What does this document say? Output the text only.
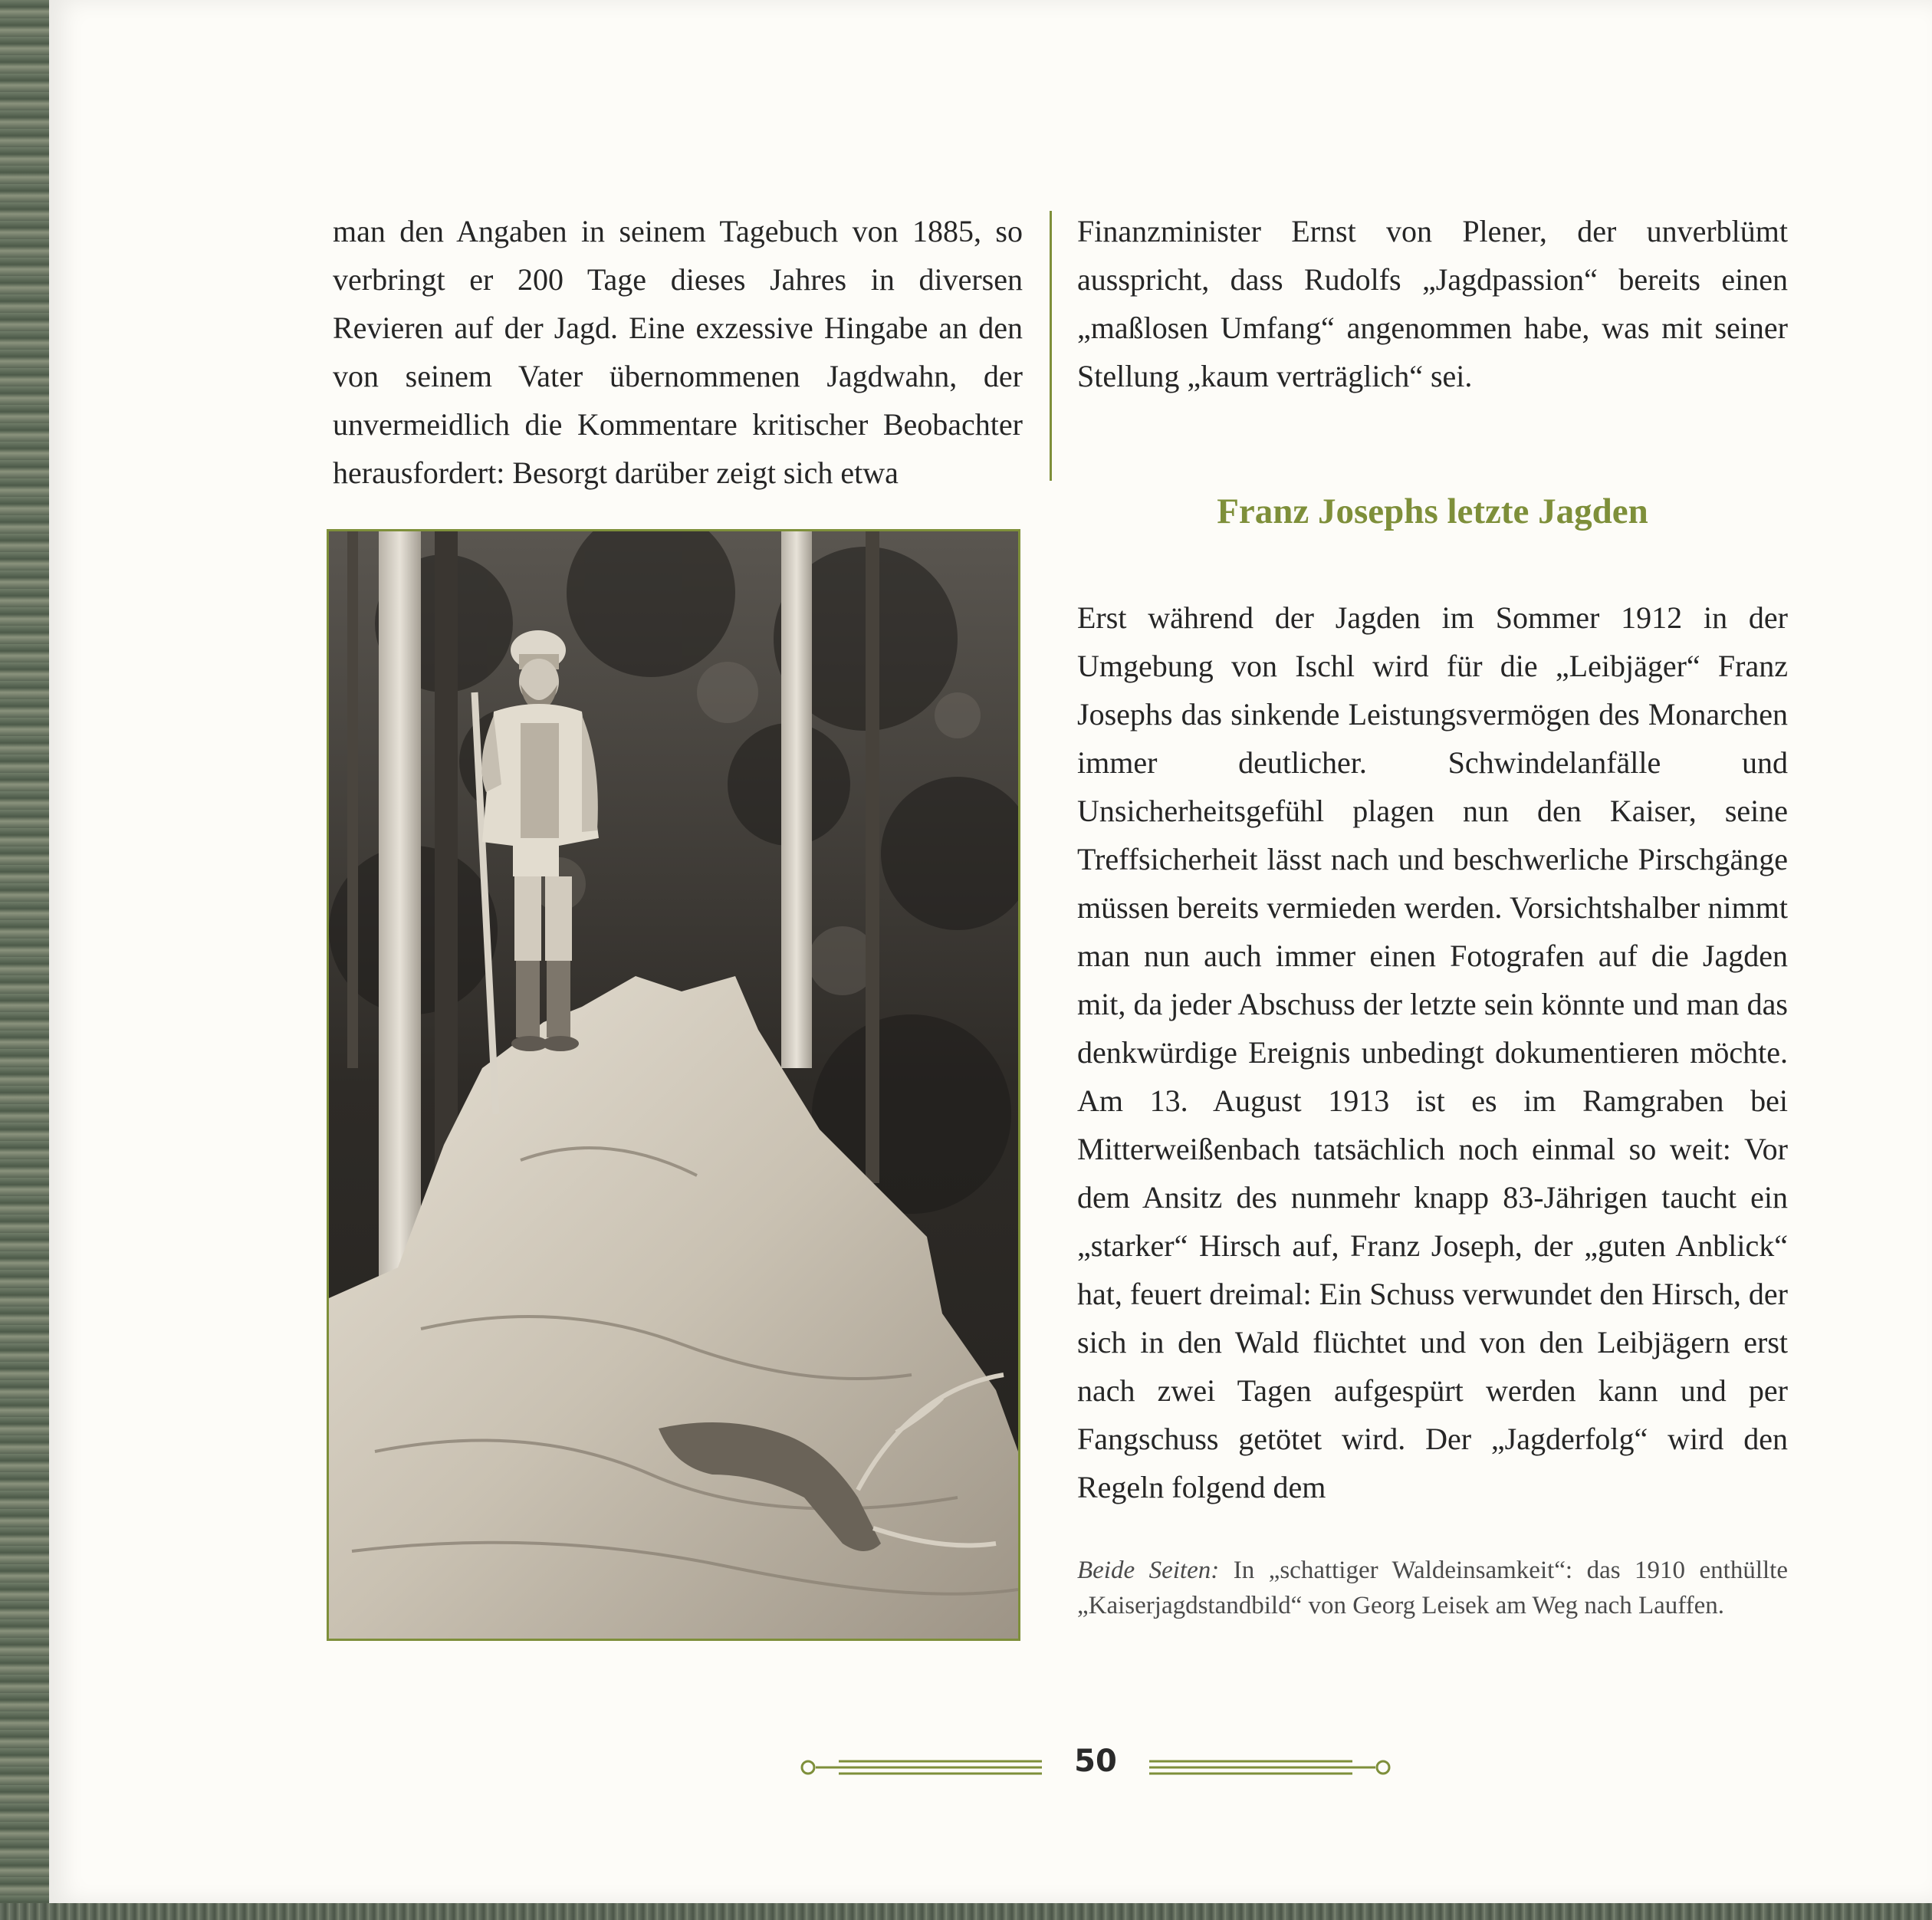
man den Angaben in seinem Tagebuch von 1885, so verbringt er 200 Tage dieses Jahres in diversen Revieren auf der Jagd. Eine exzessive Hingabe an den von seinem Vater übernommenen Jagdwahn, der unvermeidlich die Kommentare kritischer Beobachter herausfordert: Besorgt darüber zeigt sich etwa

Finanzminister Ernst von Plener, der unverblümt ausspricht, dass Rudolfs „Jagdpassion“ bereits einen „maßlosen Umfang“ angenommen habe, was mit seiner Stellung „kaum verträglich“ sei.

Franz Josephs letzte Jagden

Erst während der Jagden im Sommer 1912 in der Umgebung von Ischl wird für die „Leibjäger“ Franz Josephs das sinkende Leistungsvermögen des Monarchen immer deutlicher. Schwindelanfälle und Unsicherheitsgefühl plagen nun den Kaiser, seine Treffsicherheit lässt nach und beschwerliche Pirschgänge müssen bereits vermieden werden. Vorsichtshalber nimmt man nun auch immer einen Fotografen auf die Jagden mit, da jeder Abschuss der letzte sein könnte und man das denkwürdige Ereignis unbedingt dokumentieren möchte. Am 13. August 1913 ist es im Ramgraben bei Mitterweißenbach tatsächlich noch einmal so weit: Vor dem Ansitz des nunmehr knapp 83-Jährigen taucht ein „starker“ Hirsch auf, Franz Joseph, der „guten Anblick“ hat, feuert dreimal: Ein Schuss verwundet den Hirsch, der sich in den Wald flüchtet und von den Leibjägern erst nach zwei Tagen aufgespürt werden kann und per Fangschuss getötet wird. Der „Jagderfolg“ wird den Regeln folgend dem

Beide Seiten: In „schattiger Waldeinsamkeit“: das 1910 enthüllte „Kaiserjagdstandbild“ von Georg Leisek am Weg nach Lauffen.
50
